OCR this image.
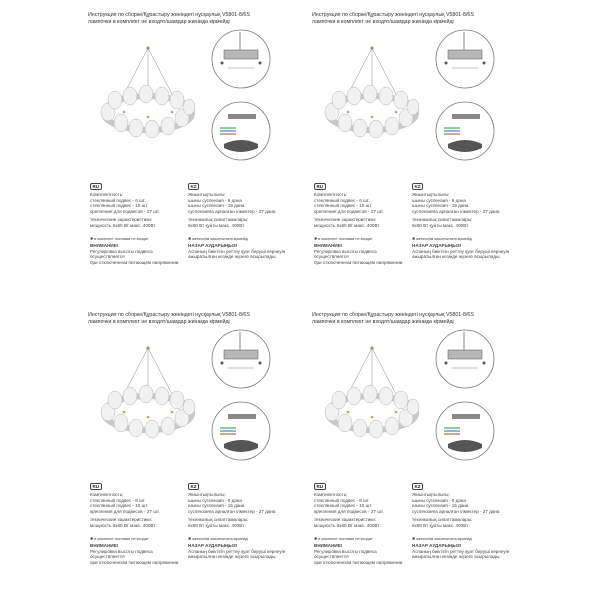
Инструкция по сборке/Құрастыру жөніндегі нұсқаулық V5801-8/6S
лампочки в комплект не входят/шамдар жинаққа кірмейді
RU	KZ
Комплектность:
стеклянный подвес - 6 шт.
стеклянный подвес - 15 шт.
крепления для подвесов - 27 шт.
технические характеристики:
мощность 6x60 Вт макс. 400Вт
Жиынтықтылығы:
шыны суспензия - 6 дана
шыны суспензия - 15 дана
суспензияға арналған ілмектер - 27 дана
техникалық сипаттамалары:
6x60 Вт қуаты макс. 400Вт
✱ в комплект поставки не входит	✱ жеткізілім жиынтығына кірмейді
ВНИМАНИЕ!
Регулировка высоты подвеса осуществляется
при отключенном питающем напряжении.
НАЗАР АУДАРЫҢЫЗ!
Аспаның биіктігін реттеу қуат беруші кернеуін
ажыратылған кезінде жүзеге асырылады.
Инструкция по сборке/Құрастыру жөніндегі нұсқаулық V5801-8/6S
лампочки в комплект не входят/шамдар жинаққа кірмейді
RU	KZ
Комплектность:
стеклянный подвес - 6 шт.
стеклянный подвес - 15 шт.
крепления для подвесов - 27 шт.
технические характеристики:
мощность 6x60 Вт макс. 400Вт
Жиынтықтылығы:
шыны суспензия - 6 дана
шыны суспензия - 15 дана
суспензияға арналған ілмектер - 27 дана
техникалық сипаттамалары:
6x60 Вт қуаты макс. 400Вт
✱ в комплект поставки не входит	✱ жеткізілім жиынтығына кірмейді
ВНИМАНИЕ!
Регулировка высоты подвеса осуществляется
при отключенном питающем напряжении.
НАЗАР АУДАРЫҢЫЗ!
Аспаның биіктігін реттеу қуат беруші кернеуін
ажыратылған кезінде жүзеге асырылады.
Инструкция по сборке/Құрастыру жөніндегі нұсқаулық V5801-8/6S
лампочки в комплект не входят/шамдар жинаққа кірмейді
RU	KZ
Комплектность:
стеклянный подвес - 6 шт.
стеклянный подвес - 15 шт.
крепления для подвесов - 27 шт.
технические характеристики:
мощность 6x60 Вт макс. 400Вт
Жиынтықтылығы:
шыны суспензия - 6 дана
шыны суспензия - 15 дана
суспензияға арналған ілмектер - 27 дана
техникалық сипаттамалары:
6x60 Вт қуаты макс. 400Вт
✱ в комплект поставки не входит	✱ жеткізілім жиынтығына кірмейді
ВНИМАНИЕ!
Регулировка высоты подвеса осуществляется
при отключенном питающем напряжении.
НАЗАР АУДАРЫҢЫЗ!
Аспаның биіктігін реттеу қуат беруші кернеуін
ажыратылған кезінде жүзеге асырылады.
Инструкция по сборке/Құрастыру жөніндегі нұсқаулық V5801-8/6S
лампочки в комплект не входят/шамдар жинаққа кірмейді
RU	KZ
Комплектность:
стеклянный подвес - 6 шт.
стеклянный подвес - 15 шт.
крепления для подвесов - 27 шт.
технические характеристики:
мощность 6x60 Вт макс. 400Вт
Жиынтықтылығы:
шыны суспензия - 6 дана
шыны суспензия - 15 дана
суспензияға арналған ілмектер - 27 дана
техникалық сипаттамалары:
6x60 Вт қуаты макс. 400Вт
✱ в комплект поставки не входит	✱ жеткізілім жиынтығына кірмейді
ВНИМАНИЕ!
Регулировка высоты подвеса осуществляется
при отключенном питающем напряжении.
НАЗАР АУДАРЫҢЫЗ!
Аспаның биіктігін реттеу қуат беруші кернеуін
ажыратылған кезінде жүзеге асырылады.
